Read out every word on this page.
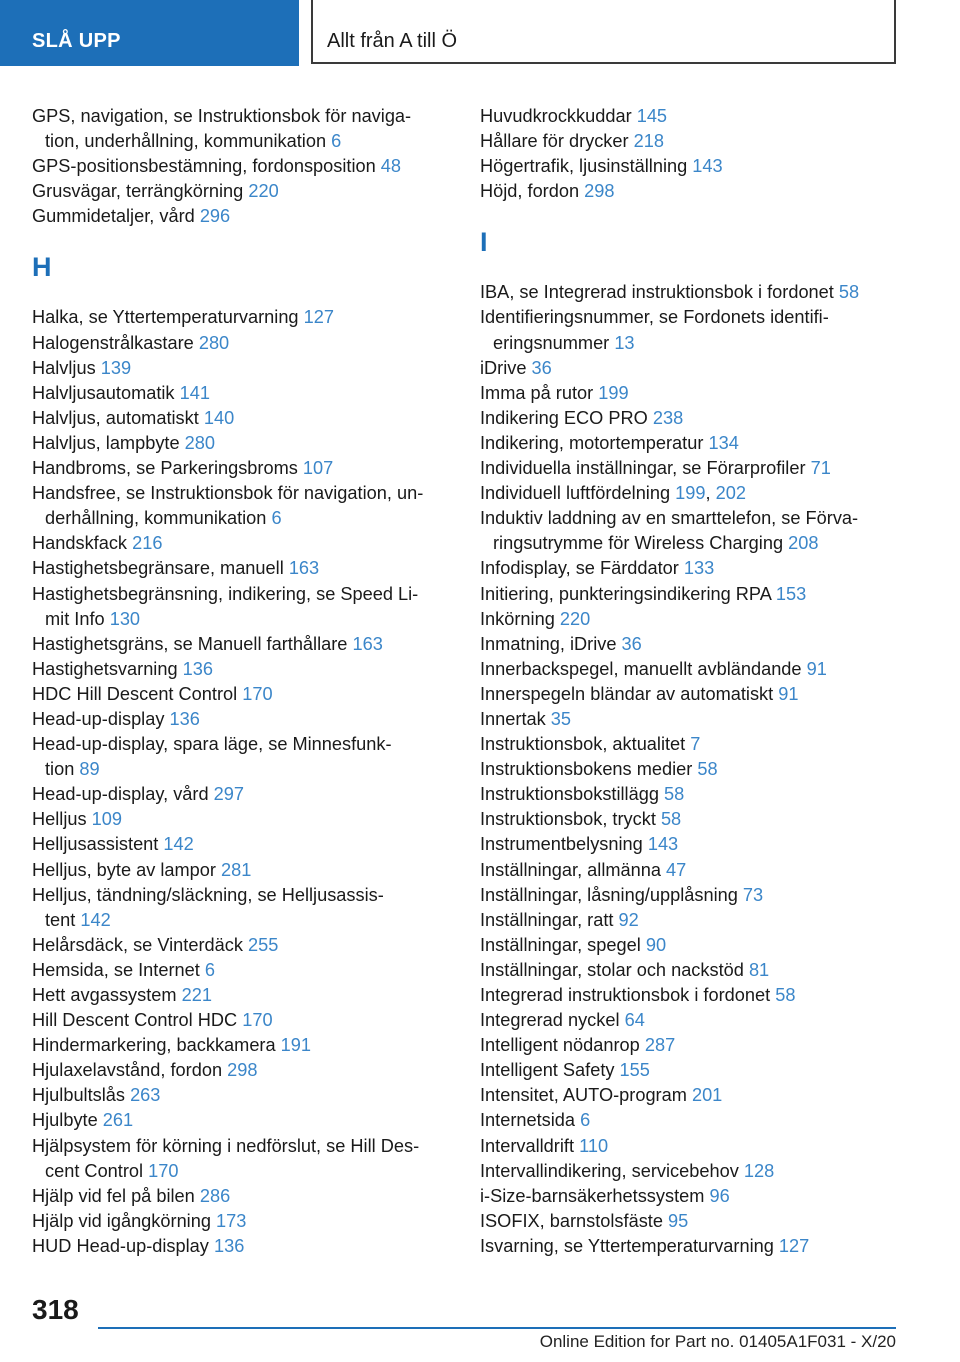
SLÅ UPP	Allt från A till Ö
GPS, navigation, se Instruktionsbok för naviga-
tion, underhållning, kommunikation 6
GPS-positionsbestämning, fordonsposition 48
Grusvägar, terrängkörning 220
Gummidetaljer, vård 296
H
Halka, se Yttertemperaturvarning 127
Halogenstrålkastare 280
Halvljus 139
Halvljusautomatik 141
Halvljus, automatiskt 140
Halvljus, lampbyte 280
Handbroms, se Parkeringsbroms 107
Handsfree, se Instruktionsbok för navigation, un-
derhållning, kommunikation 6
Handskfack 216
Hastighetsbegränsare, manuell 163
Hastighetsbegränsning, indikering, se Speed Li-
mit Info 130
Hastighetsgräns, se Manuell farthållare 163
Hastighetsvarning 136
HDC Hill Descent Control 170
Head-up-display 136
Head-up-display, spara läge, se Minnesfunk-
tion 89
Head-up-display, vård 297
Helljus 109
Helljusassistent 142
Helljus, byte av lampor 281
Helljus, tändning/släckning, se Helljusassis-
tent 142
Helårsdäck, se Vinterdäck 255
Hemsida, se Internet 6
Hett avgassystem 221
Hill Descent Control HDC 170
Hindermarkering, backkamera 191
Hjulaxelavstånd, fordon 298
Hjulbultslås 263
Hjulbyte 261
Hjälpsystem för körning i nedförslut, se Hill Des-
cent Control 170
Hjälp vid fel på bilen 286
Hjälp vid igångkörning 173
HUD Head-up-display 136
Huvudkrockkuddar 145
Hållare för drycker 218
Högertrafik, ljusinställning 143
Höjd, fordon 298
I
IBA, se Integrerad instruktionsbok i fordonet 58
Identifieringsnummer, se Fordonets identifi-
eringsnummer 13
iDrive 36
Imma på rutor 199
Indikering ECO PRO 238
Indikering, motortemperatur 134
Individuella inställningar, se Förarprofiler 71
Individuell luftfördelning 199, 202
Induktiv laddning av en smarttelefon, se Förva-
ringsutrymme för Wireless Charging 208
Infodisplay, se Färddator 133
Initiering, punkteringsindikering RPA 153
Inkörning 220
Inmatning, iDrive 36
Innerbackspegel, manuellt avbländande 91
Innerspegeln bländar av automatiskt 91
Innertak 35
Instruktionsbok, aktualitet 7
Instruktionsbokens medier 58
Instruktionsbokstillägg 58
Instruktionsbok, tryckt 58
Instrumentbelysning 143
Inställningar, allmänna 47
Inställningar, låsning/upplåsning 73
Inställningar, ratt 92
Inställningar, spegel 90
Inställningar, stolar och nackstöd 81
Integrerad instruktionsbok i fordonet 58
Integrerad nyckel 64
Intelligent nödanrop 287
Intelligent Safety 155
Intensitet, AUTO-program 201
Internetsida 6
Intervalldrift 110
Intervallindikering, servicebehov 128
i-Size-barnsäkerhetssystem 96
ISOFIX, barnstolsfäste 95
Isvarning, se Yttertemperaturvarning 127
318
Online Edition for Part no. 01405A1F031 - X/20
